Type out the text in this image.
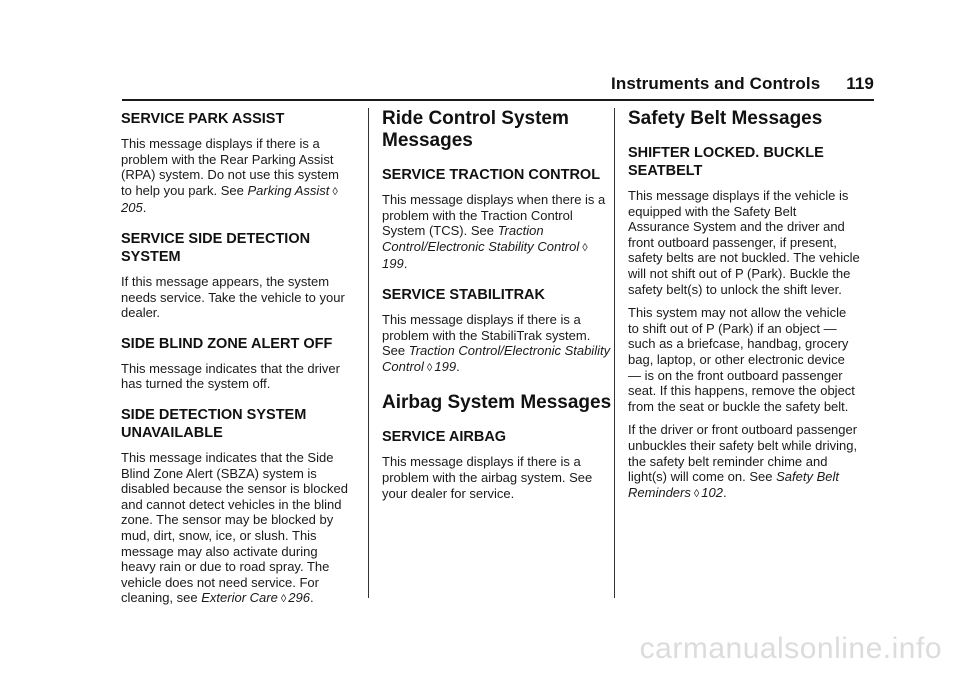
Instruments and Controls 119
SERVICE PARK ASSIST

This message displays if there is a problem with the Rear Parking Assist (RPA) system. Do not use this system to help you park. See Parking Assist ◊205.

SERVICE SIDE DETECTION SYSTEM

If this message appears, the system needs service. Take the vehicle to your dealer.

SIDE BLIND ZONE ALERT OFF

This message indicates that the driver has turned the system off.

SIDE DETECTION SYSTEM UNAVAILABLE

This message indicates that the Side Blind Zone Alert (SBZA) system is disabled because the sensor is blocked and cannot detect vehicles in the blind zone. The sensor may be blocked by mud, dirt, snow, ice, or slush. This message may also activate during heavy rain or due to road spray. The vehicle does not need service. For cleaning, see Exterior Care ◊ 296.

Ride Control System Messages
SERVICE TRACTION CONTROL

This message displays when there is a problem with the Traction Control System (TCS). See Traction Control/Electronic Stability Control ◊199.

SERVICE STABILITRAK

This message displays if there is a problem with the StabiliTrak system. See Traction Control/Electronic Stability Control ◊ 199.

Airbag System Messages
SERVICE AIRBAG

This message displays if there is a problem with the airbag system. See your dealer for service.

Safety Belt Messages
SHIFTER LOCKED. BUCKLE SEATBELT

This message displays if the vehicle is equipped with the Safety Belt Assurance System and the driver and front outboard passenger, if present, safety belts are not buckled. The vehicle will not shift out of P (Park). Buckle the safety belt(s) to unlock the shift lever.

This system may not allow the vehicle to shift out of P (Park) if an object — such as a briefcase, handbag, grocery bag, laptop, or other electronic device — is on the front outboard passenger seat. If this happens, remove the object from the seat or buckle the safety belt.

If the driver or front outboard passenger unbuckles their safety belt while driving, the safety belt reminder chime and light(s) will come on. See Safety Belt Reminders ◊ 102.

carmanualsonline.info
